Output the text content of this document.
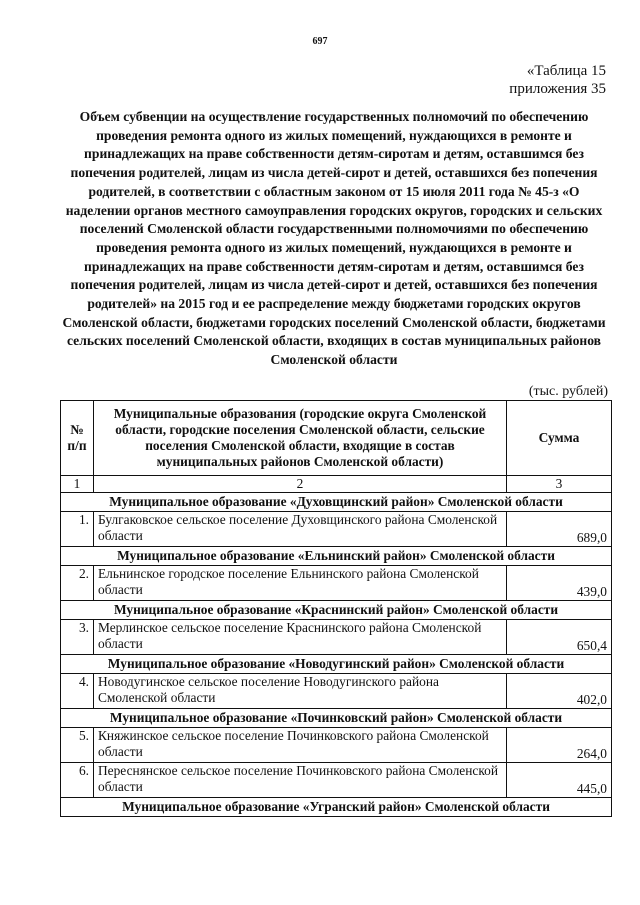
697
«Таблица 15
приложения 35
Объем субвенции на осуществление государственных полномочий по обеспечению проведения ремонта одного из жилых помещений, нуждающихся в ремонте и принадлежащих на праве собственности детям-сиротам и детям, оставшимся без попечения родителей, лицам из числа детей-сирот и детей, оставшихся без попечения родителей, в соответствии с областным законом от 15 июля 2011 года № 45-з «О наделении органов местного самоуправления городских округов, городских и сельских поселений Смоленской области государственными полномочиями по обеспечению проведения ремонта одного из жилых помещений, нуждающихся в ремонте и принадлежащих на праве собственности детям-сиротам и детям, оставшимся без попечения родителей, лицам из числа детей-сирот и детей, оставшихся без попечения родителей» на 2015 год и ее распределение между бюджетами городских округов Смоленской области, бюджетами городских поселений Смоленской области, бюджетами сельских поселений Смоленской области, входящих в состав муниципальных районов Смоленской области
(тыс. рублей)
№ п/п	Муниципальные образования (городские округа Смоленской области, городские поселения Смоленской области, сельские поселения Смоленской области, входящие в состав муниципальных районов Смоленской области)	Сумма
1	2	3
Муниципальное образование «Духовщинский район» Смоленской области		
1.	Булгаковское сельское поселение Духовщинского района Смоленской области	689,0
Муниципальное образование «Ельнинский район» Смоленской области		
2.	Ельнинское городское поселение Ельнинского района Смоленской области	439,0
Муниципальное образование «Краснинский район» Смоленской области		
3.	Мерлинское сельское поселение Краснинского района Смоленской области	650,4
Муниципальное образование «Новодугинский район» Смоленской области		
4.	Новодугинское сельское поселение Новодугинского района Смоленской области	402,0
Муниципальное образование «Починковский район» Смоленской области		
5.	Княжинское сельское поселение Починковского района Смоленской области	264,0
6.	Переснянское сельское поселение Починковского района Смоленской области	445,0
Муниципальное образование «Угранский район» Смоленской области		
